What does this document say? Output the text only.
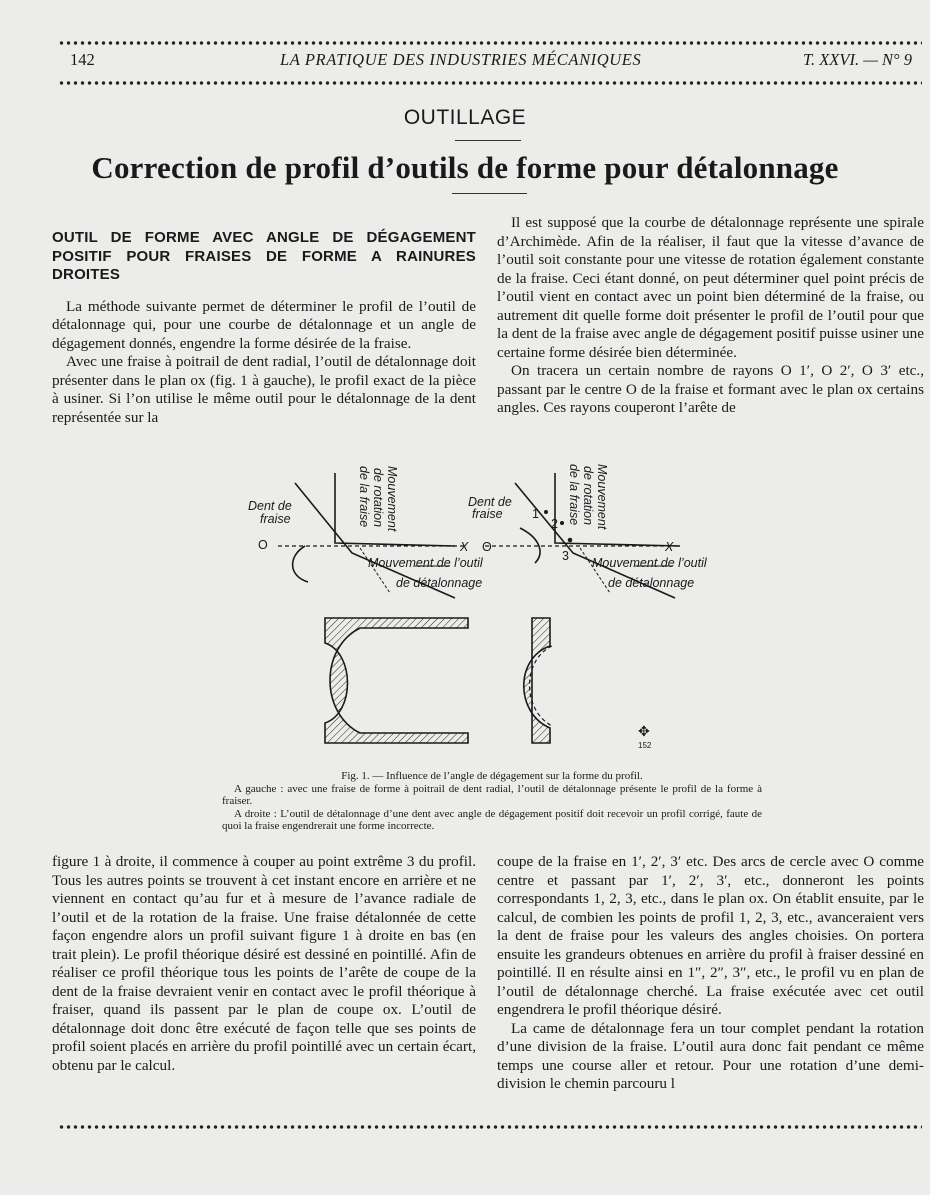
142	LA PRATIQUE DES INDUSTRIES MÉCANIQUES	T. XXVI. — N° 9
OUTILLAGE
Correction de profil d’outils de forme pour détalonnage
OUTIL DE FORME AVEC ANGLE DE DÉGAGEMENT POSITIF POUR FRAISES DE FORME A RAINURES DROITES

La méthode suivante permet de déterminer le profil de l’outil de détalonnage qui, pour une courbe de détalonnage et un angle de dégagement donnés, engendre la forme désirée de la fraise.

Avec une fraise à poitrail de dent radial, l’outil de détalonnage doit présenter dans le plan ox (fig. 1 à gauche), le profil exact de la pièce à usiner. Si l’on utilise le même outil pour le détalonnage de la dent représentée sur la

Il est supposé que la courbe de détalonnage représente une spirale d’Archimède. Afin de la réaliser, il faut que la vitesse d’avance de l’outil soit constante pour une vitesse de rotation également constante de la fraise. Ceci étant donné, on peut déterminer quel point précis de l’outil vient en contact avec un point bien déterminé de la fraise, ou autrement dit quelle forme doit présenter le profil de l’outil pour que la dent de la fraise avec angle de dégagement positif puisse usiner une certaine forme désirée bien déterminée.

On tracera un certain nombre de rayons O 1′, O 2′, O 3′ etc., passant par le centre O de la fraise et formant avec le plan ox certains angles. Ces rayons couperont l’arête de

Dent de
fraise
Dent de
fraise
O	X O	X
Mouvement de l’outil
de détalonnage
Mouvement de l’outil
de détalonnage
Mouvement
de rotation
de la fraise	Mouvement
de rotation
de la fraise
1
2
3
152
✥
Fig. 1. — Influence de l’angle de dégagement sur la forme du profil.
A gauche : avec une fraise de forme à poitrail de dent radial, l’outil de détalonnage présente le profil de la forme à fraiser.
A droite : L’outil de détalonnage d’une dent avec angle de dégagement positif doit recevoir un profil corrigé, faute de quoi la fraise engendrerait une forme incorrecte.

figure 1 à droite, il commence à couper au point extrême 3 du profil. Tous les autres points se trouvent à cet instant encore en arrière et ne viennent en contact qu’au fur et à mesure de l’avance radiale de l’outil et de la rotation de la fraise. Une fraise détalonnée de cette façon engendre alors un profil suivant figure 1 à droite en bas (en trait plein). Le profil théorique désiré est dessiné en pointillé. Afin de réaliser ce profil théorique tous les points de l’arête de coupe de la dent de la fraise devraient venir en contact avec le profil théorique à fraiser, quand ils passent par le plan de coupe ox. L’outil de détalonnage doit donc être exécuté de façon telle que ses points de profil soient placés en arrière du profil pointillé avec un certain écart, obtenu par le calcul.

coupe de la fraise en 1′, 2′, 3′ etc. Des arcs de cercle avec O comme centre et passant par 1′, 2′, 3′, etc., donneront les points correspondants 1, 2, 3, etc., dans le plan ox. On établit ensuite, par le calcul, de combien les points de profil 1, 2, 3, etc., avanceraient vers la dent de fraise pour les valeurs des angles choisies. On portera ensuite les grandeurs obtenues en arrière du profil à fraiser dessiné en pointillé. Il en résulte ainsi en 1″, 2″, 3″, etc., le profil vu en plan de l’outil de détalonnage cherché. La fraise exécutée avec cet outil engendrera le profil théorique désiré.

La came de détalonnage fera un tour complet pendant la rotation d’une division de la fraise. L’outil aura donc fait pendant ce même temps une course aller et retour. Pour une rotation d’une demi-division le chemin parcouru l
